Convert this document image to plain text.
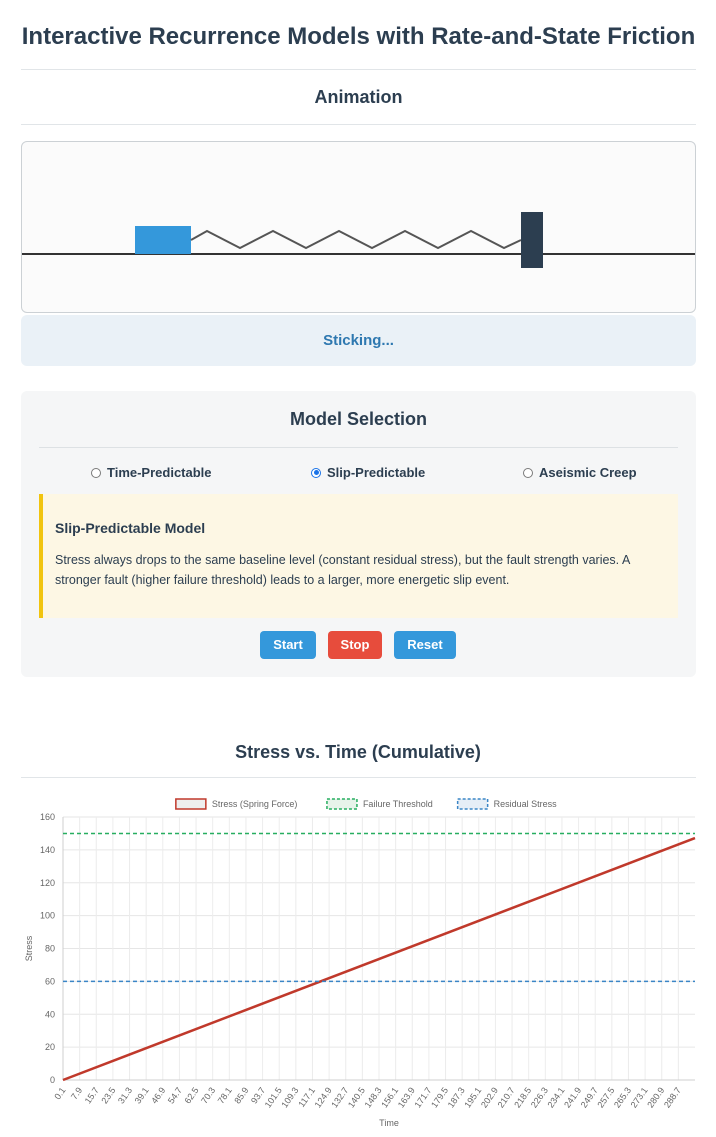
Interactive Recurrence Models with Rate-and-State Friction
Animation
Sticking...
Model Selection
Time-Predictable	Slip-Predictable	Aseismic Creep
Slip-Predictable Model
Stress always drops to the same baseline level (constant residual stress), but the fault strength varies. A stronger fault (higher failure threshold) leads to a larger, more energetic slip event.
Start	Stop	Reset
Stress vs. Time (Cumulative)
0
20
40
60
80
100
120
140
160
0.1 7.9
15.7
23.5
31.3
39.1
46.9
54.7
62.5
70.3
78.1
85.9
93.7
101.5
109.3
117.1
124.9
132.7
140.5
148.3
156.1
163.9
171.7
179.5
187.3
195.1
202.9
210.7
218.5
226.3
234.1
241.9
249.7
257.5
265.3
273.1
280.9
288.7
Time
Stress
Stress (Spring Force)	Failure Threshold	Residual Stress
